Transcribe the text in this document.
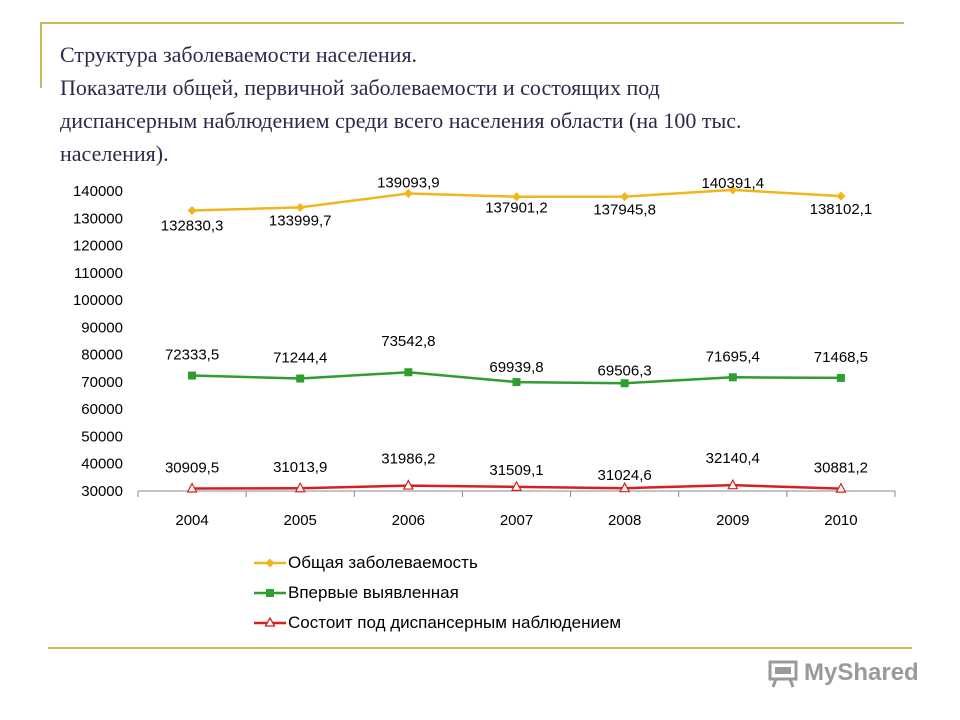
Структура заболеваемости населения.
Показатели общей, первичной заболеваемости и состоящих под
диспансерным наблюдением среди всего населения области (на 100 тыс.
населения).
2004	2005	2006	2007	2008	2009	2010
30000
40000
50000
60000
70000
80000
90000
100000
110000
120000
130000
140000
132830,3	133999,7
139093,9
137901,2	137945,8
140391,4
138102,1
72333,5	71244,4
73542,8
69939,8	69506,3
71695,4	71468,5
30909,5	31013,9
31986,2
31509,1	31024,6
32140,4
30881,2
Общая заболеваемость
Впервые выявленная
Состоит под диспансерным наблюдением
MyShared
